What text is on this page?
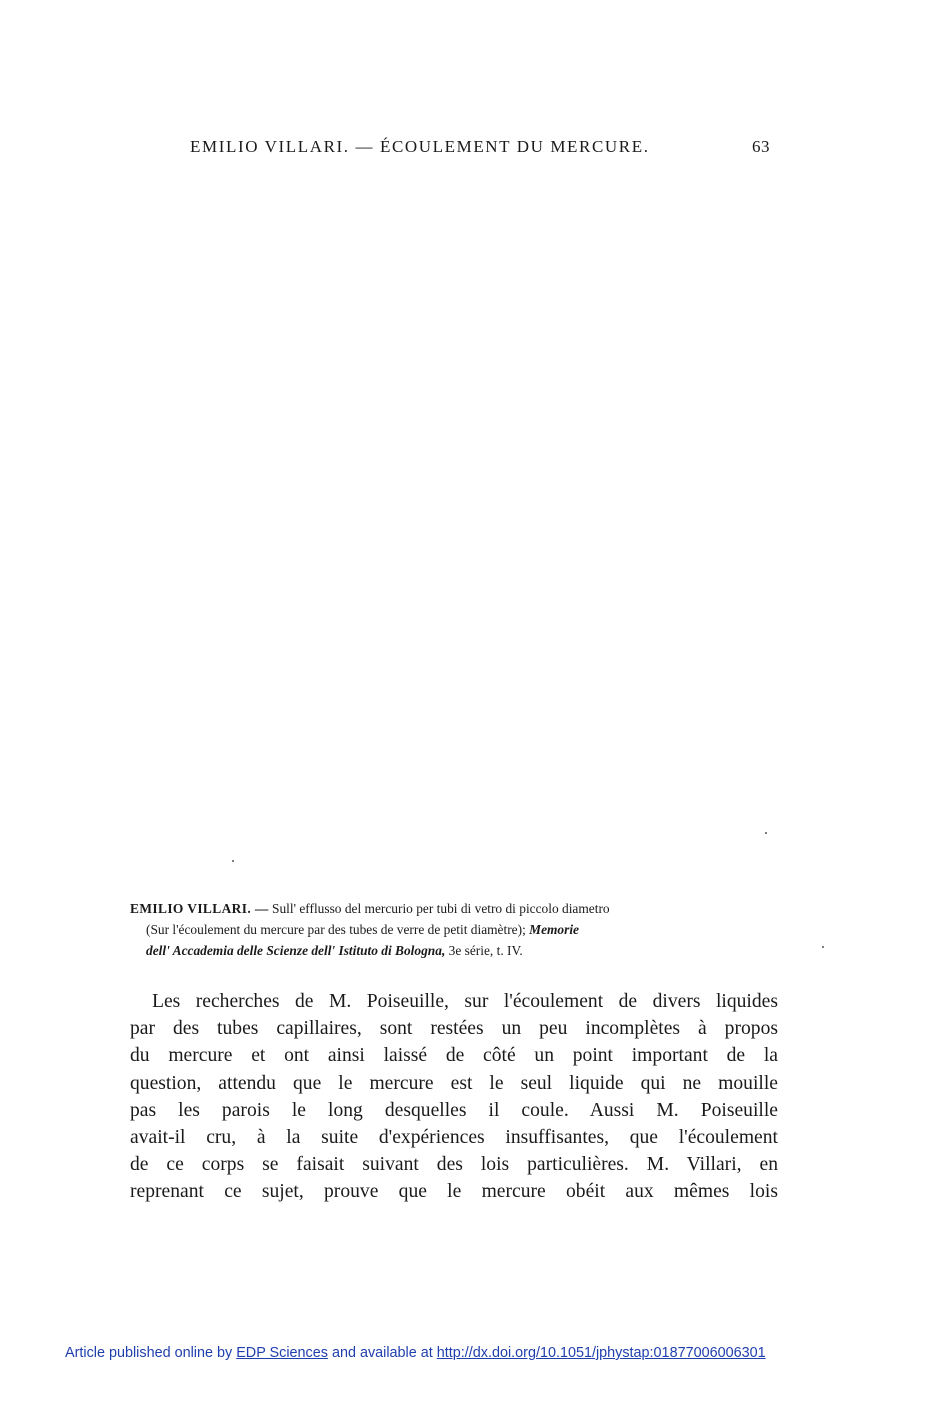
EMILIO VILLARI. — ÉCOULEMENT DU MERCURE.	63
EMILIO VILLARI. — Sull' efflusso del mercurio per tubi di vetro di piccolo diametro
(Sur l'écoulement du mercure par des tubes de verre de petit diamètre); Memorie
dell' Accademia delle Scienze dell' Istituto di Bologna, 3e série, t. IV.
Les recherches de M. Poiseuille, sur l'écoulement de divers liquides
par des tubes capillaires, sont restées un peu incomplètes à propos
du mercure et ont ainsi laissé de côté un point important de la
question, attendu que le mercure est le seul liquide qui ne mouille
pas les parois le long desquelles il coule. Aussi M. Poiseuille
avait-il cru, à la suite d'expériences insuffisantes, que l'écoulement
de ce corps se faisait suivant des lois particulières. M. Villari, en
reprenant ce sujet, prouve que le mercure obéit aux mêmes lois
Article published online by EDP Sciences and available at http://dx.doi.org/10.1051/jphystap:01877006006301
